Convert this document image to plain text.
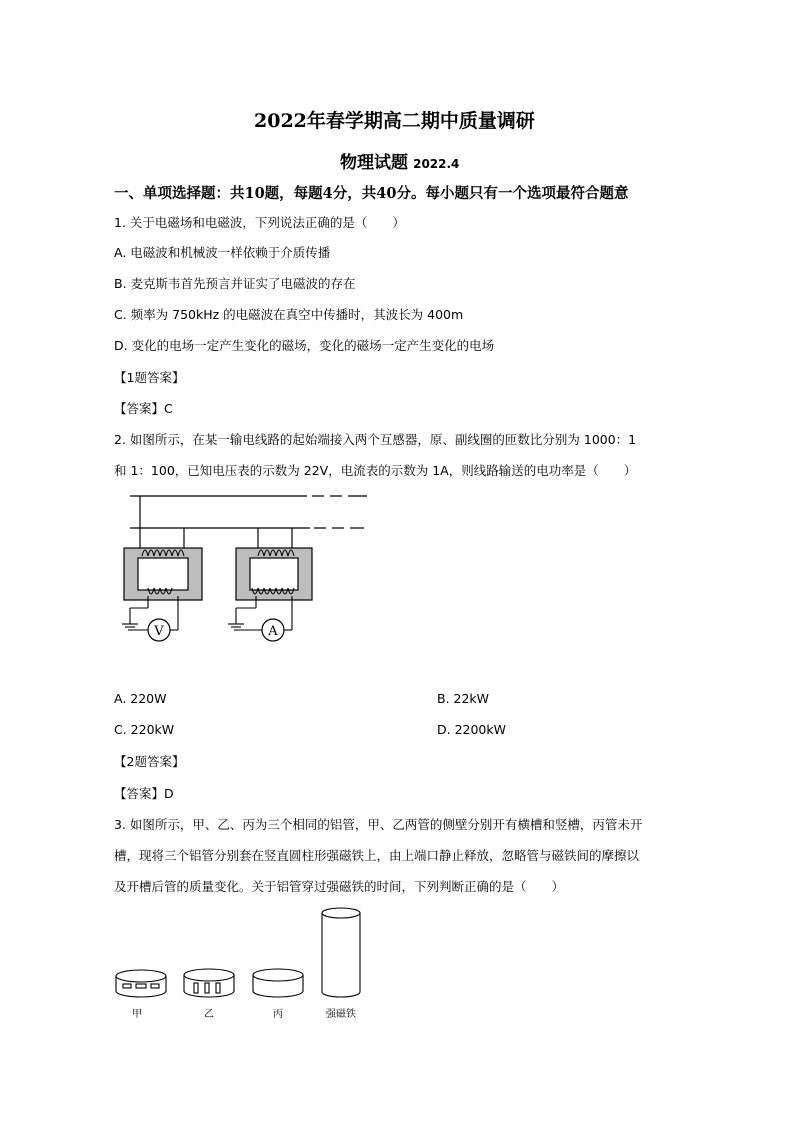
2022年春学期高二期中质量调研
物理试题 2022.4
一、单项选择题：共10题，每题4分，共40分。每小题只有一个选项最符合题意
1. 关于电磁场和电磁波，下列说法正确的是（　　）
A. 电磁波和机械波一样依赖于介质传播
B. 麦克斯韦首先预言并证实了电磁波的存在
C. 频率为 750kHz 的电磁波在真空中传播时，其波长为 400m
D. 变化的电场一定产生变化的磁场，变化的磁场一定产生变化的电场
【1题答案】
【答案】C
2. 如图所示，在某一输电线路的起始端接入两个互感器，原、副线圈的匝数比分别为 1000：1
和 1：100，已知电压表的示数为 22V，电流表的示数为 1A，则线路输送的电功率是（　　）
V	A
A. 220W	B. 22kW
C. 220kW	D. 2200kW
【2题答案】
【答案】D
3. 如图所示，甲、乙、丙为三个相同的铝管，甲、乙两管的侧壁分别开有横槽和竖槽，丙管未开
槽，现将三个铝管分别套在竖直圆柱形强磁铁上，由上端口静止释放，忽略管与磁铁间的摩擦以
及开槽后管的质量变化。关于铝管穿过强磁铁的时间，下列判断正确的是（　　）
甲	乙	丙	强磁铁
